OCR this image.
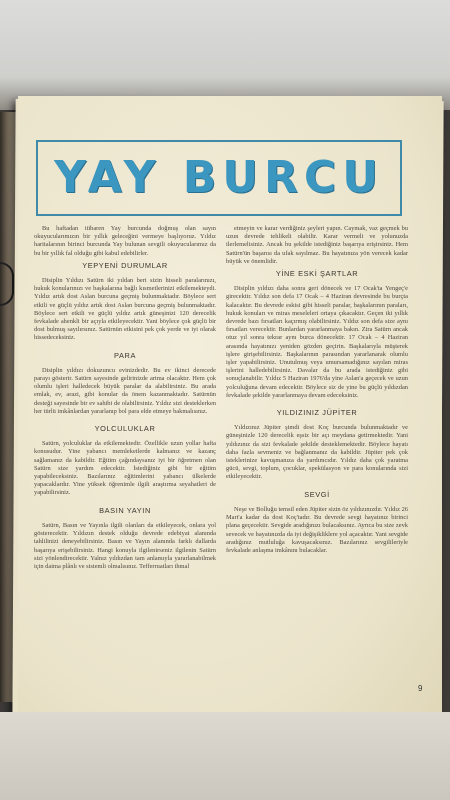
YAY BURCU

Bu haftadan itibaren Yay burcunda doğmuş olan sayın okuyucularımızın bir yıllık geleceğini vermeye başlıyoruz. Yıldız haritalarının birinci burcunda Yay bulunan sevgili okuyucularımız da bu bir yıllık fal olduğu gibi kabul edebilirler.

YEPYENİ DURUMLAR

Disiplin Yıldızı Satürn iki yıldan beri sizin hisseli paralarınızı, hukuk konularınızı ve başkalarına bağlı kısmetlerinizi etkilemekteydi. Yıldız artık dost Aslan burcuna geçmiş bulunmaktadır. Böylece sert etkili ve güçlü yıldız artık dost Aslan burcuna geçmiş bulunmaktadır. Böylece sert etkili ve güçlü yıldız artık güneşinizi 120 derecelik fevkalade ahenkli bir açıyla etkileyecektir. Yani böylece çok güçlü bir dost bulmuş sayılırsınız. Satürnün etkisini pek çok yerde ve iyi olarak hissedeceksiniz.

PARA

Disiplin yıldızı dokuzuncu evinizdedir. Bu ev ikinci derecede parayı gösterir. Satürn sayesinde gelirinizde artma olacaktır. Hem çok olumlu işleri halledecek büyük paralar da alabilirsiniz. Bu arada emlak, ev, arazi, gibi konular da önem kazanmaktadır. Satürnün desteği sayesinde bir ev sahibi de olabilirsiniz. Yıldız sizi desteklerken her türlü imkânlardan yararlanıp bol para elde etmeye bakmalısınız.

YOLCULUKLAR

Satürn, yolculuklar da etkilemektedir. Özellikle uzun yollar hafta konusudur. Yine yabancı memleketlerde kalmanız ve kazanç sağlamanız da kabildir. Eğitim çağındaysanız iyi bir öğretmen olan Satürn size yardım edecektir. İstediğiniz gibi bir eğitim yapabileceksiniz. Bazılarınız eğitimlerini yabancı ülkelerde yapacaklardır. Yine yüksek öğrenimle ilgili araştırma seyahatleri de yapabilirsiniz.

BASIN YAYIN

Satürn, Basın ve Yayınla ilgili olanları da etkileyecek, onlara yol gösterecektir. Yıldızın destek olduğu devrede edebiyat alanında tahlilinizi deneyebilirsiniz. Basın ve Yayın alanında farklı dallarda başarıya erişebilirsiniz. Hangi konuyla ilgilenirseniz ilgilenin Satürn sizi yönlendirecektir. Yalnız yıldızdan tam anlamıyla yararlanabilmek için daima plânlı ve sistemli olmalısınız. Tefferruatları ihmal

etmeyin ve karar verdiğiniz şeyleri yapın. Caymak, vaz geçmek bu uzun devrede tehlikeli olabilir. Karar vermeli ve yolunuzda ilerlemelisiniz. Ancak bu şekilde istediğiniz başarıya erişirsiniz. Hem Satürn'ün başarısı da ufak sayılmaz. Bu hayatınıza yön verecek kadar büyük ve önemlidir.

YİNE ESKİ ŞARTLAR

Disiplin yıldızı daha sonra geri dönecek ve 17 Ocak'ta Yengeç'e girecektir. Yıldız son defa 17 Ocak – 4 Haziran devresinde bu burçta kalacaktır. Bu devrede eskisi gibi hisseli paralar, başkalarının paraları, hukuk konuları ve miras meseleleri ortaya çıkacaktır. Geçen iki yıllık devrede bazı fırsatları kaçırmış olabilirsiniz. Yıldız son defa size aynı fırsatları verecektir. Bunlardan yararlanmaya bakın. Zira Satürn ancak otuz yıl sonra tekrar aynı burca dönecektir. 17 Ocak – 4 Haziran arasında hayatınızı yeniden gözden geçirin. Başkalarıyla müşterek işlere girişebilirsiniz. Başkalarının parasından yararlanarak olumlu işler yapabilirsiniz. Unutulmuş veya umursamadığınız sayılan miras işlerini halledebilirsiniz. Davalar da bu arada istediğiniz gibi sonuçlanabilir. Yıldız 5 Haziran 1976'da yine Aslan'a geçecek ve uzun yolculuğuna devam edecektir. Böylece siz de yine bu güçlü yıldızdan fevkalade şekilde yararlanmaya devam edeceksiniz.

YILDIZINIZ JÜPİTER

Yıldızınız Jüpiter şimdi dost Koç burcunda bulunmaktadır ve güneşinizle 120 derecelik eşsiz bir açı meydana getirmektedir. Yani yıldızınız da sizi fevkalade şekilde desteklemektedir. Böylece hayatı daha fazla sevmeniz ve bağlanmanız da kabildir. Jüpiter pek çok isteklerinize kavuşmanıza da yardımcıdır. Yıldız daha çok yaratma gücü, sevgi, toplum, çocuklar, spekülasyon ve para konularında sizi etkileyecektir.

SEVGİ

Neşe ve Bolluğu temsil eden Jüpiter sizin öz yıldızınızdır. Yıldız 26 Mart'a kadar da dost Koç'tadır. Bu devrede sevgi hayatınız birinci plana geçecektir. Sevgide aradığınızı bulacaksınız. Ayrıca bu size zevk sevecek ve hayatınızda da iyi değişikliklere yol açacaktır. Yani sevgide aradığınız mutluluğa kavuşacaksınız. Bazılarınız sevgilileriyle fevkalade anlaşma imkânını bulacaklar.

9
